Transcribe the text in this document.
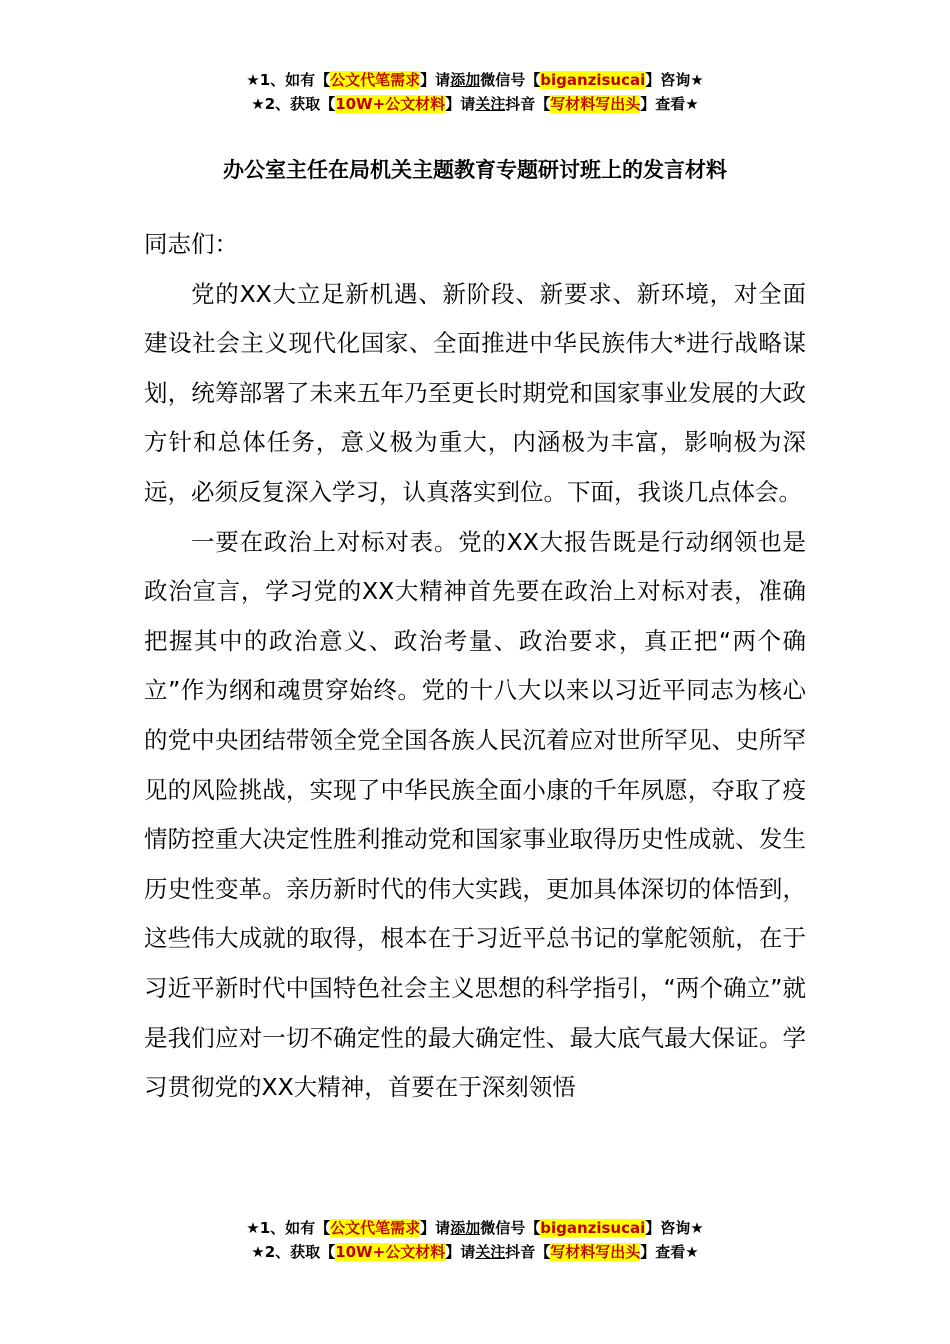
★1、如有【公文代笔需求】请添加微信号【biganzisucai】咨询★
★2、获取【10W+公文材料】请关注抖音【写材料写出头】查看★
办公室主任在局机关主题教育专题研讨班上的发言材料

同志们：

党的XX大立足新机遇、新阶段、新要求、新环境，对全面建设社会主义现代化国家、全面推进中华民族伟大*进行战略谋划，统筹部署了未来五年乃至更长时期党和国家事业发展的大政方针和总体任务，意义极为重大，内涵极为丰富，影响极为深远，必须反复深入学习，认真落实到位。下面，我谈几点体会。

一要在政治上对标对表。党的XX大报告既是行动纲领也是政治宣言，学习党的XX大精神首先要在政治上对标对表，准确把握其中的政治意义、政治考量、政治要求，真正把“两个确立”作为纲和魂贯穿始终。党的十八大以来以习近平同志为核心的党中央团结带领全党全国各族人民沉着应对世所罕见、史所罕见的风险挑战，实现了中华民族全面小康的千年夙愿，夺取了疫情防控重大决定性胜利推动党和国家事业取得历史性成就、发生历史性变革。亲历新时代的伟大实践，更加具体深切的体悟到，这些伟大成就的取得，根本在于习近平总书记的掌舵领航，在于习近平新时代中国特色社会主义思想的科学指引，“两个确立”就是我们应对一切不确定性的最大确定性、最大底气最大保证。学习贯彻党的XX大精神，首要在于深刻领悟

★1、如有【公文代笔需求】请添加微信号【biganzisucai】咨询★
★2、获取【10W+公文材料】请关注抖音【写材料写出头】查看★
